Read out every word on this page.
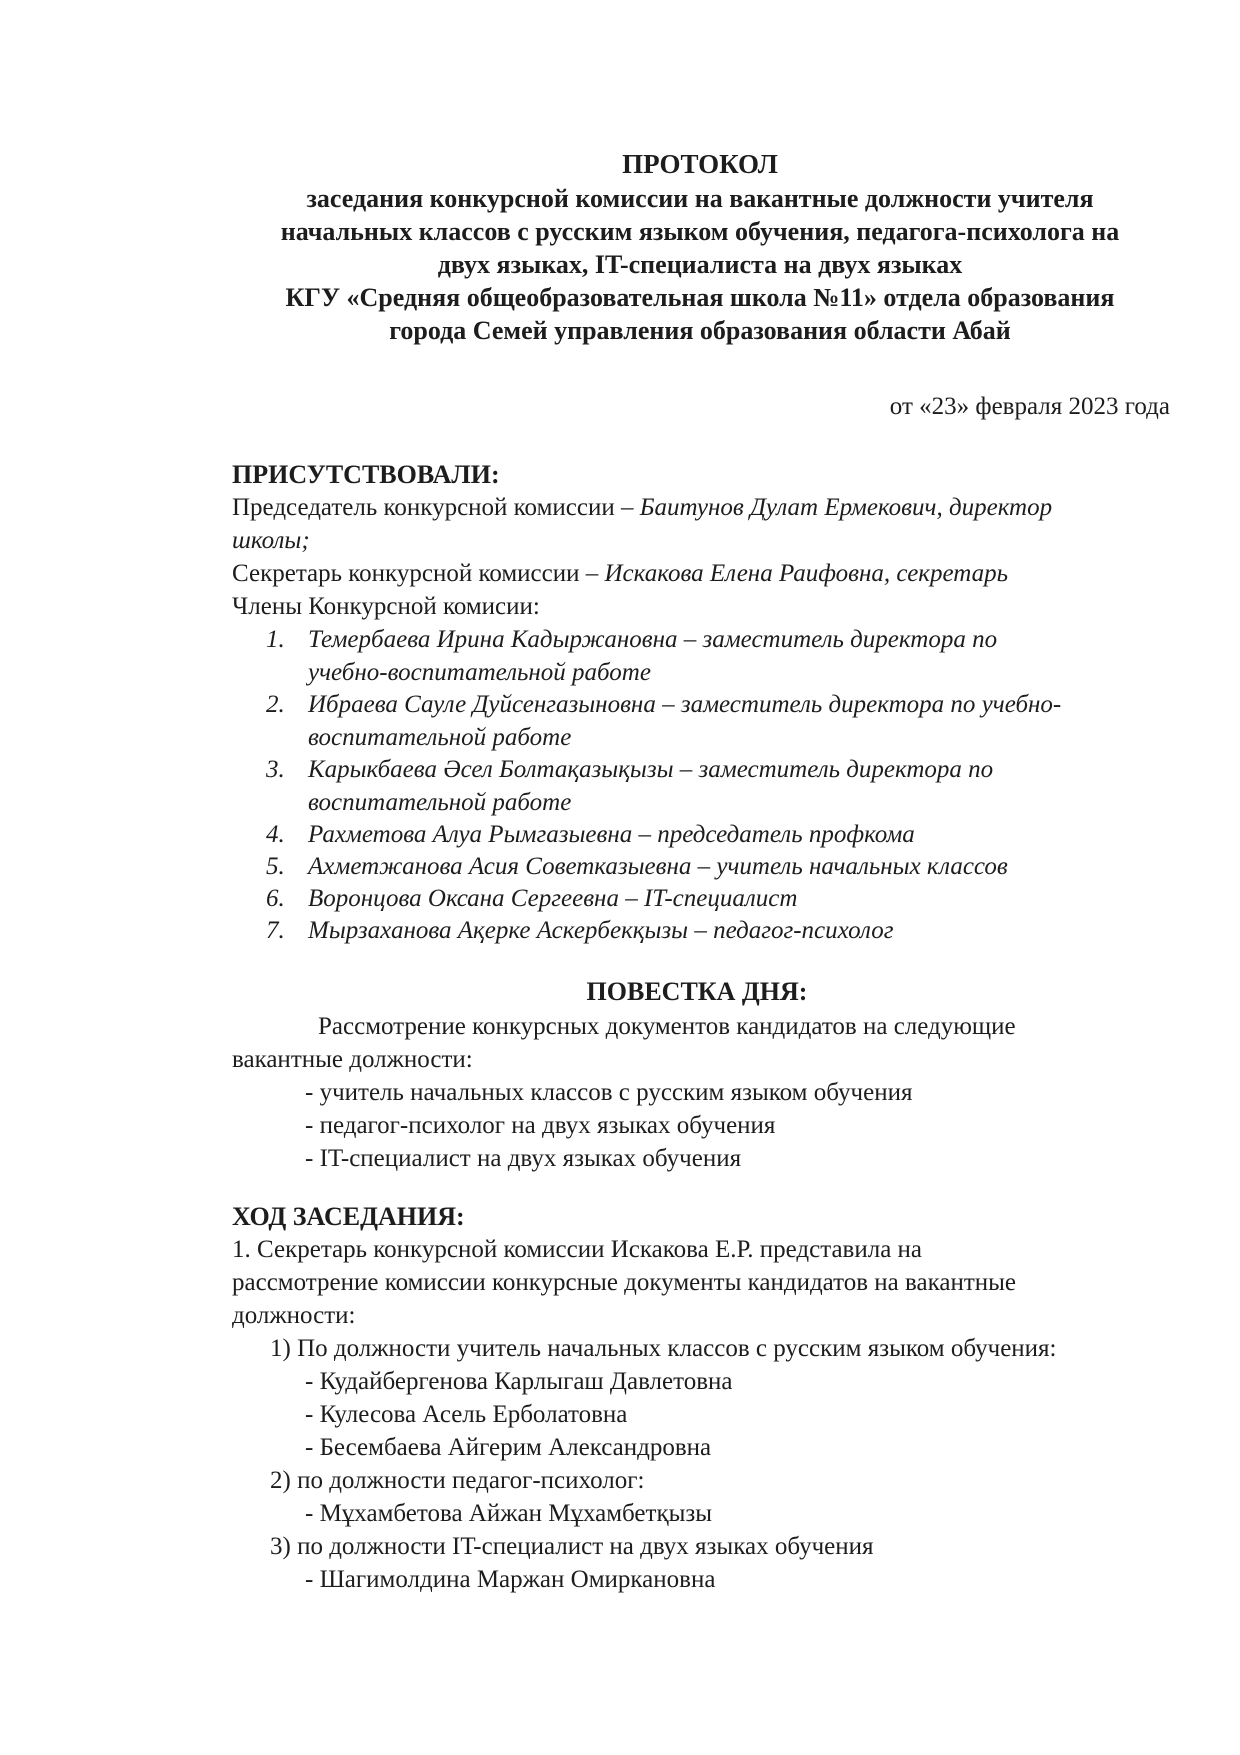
ПРОТОКОЛ
заседания конкурсной комиссии на вакантные должности учителя
начальных классов с русским языком обучения, педагога-психолога на
двух языках, IT-специалиста на двух языках
КГУ «Средняя общеобразовательная школа №11» отдела образования
города Семей управления образования области Абай
от «23» февраля 2023 года
ПРИСУТСТВОВАЛИ:
Председатель конкурсной комиссии – Баитунов Дулат Ермекович, директор
школы;
Секретарь конкурсной комиссии – Искакова Елена Раифовна, секретарь
Члены Конкурсной комисии:
1. Темербаева Ирина Кадыржановна – заместитель директора по
учебно-воспитательной работе
2. Ибраева Сауле Дуйсенгазыновна – заместитель директора по учебно-
воспитательной работе
3. Карыкбаева Әсел Болтақазықызы – заместитель директора по
воспитательной работе
4. Рахметова Алуа Рымгазыевна – председатель профкома
5. Ахметжанова Асия Советказыевна – учитель начальных классов
6. Воронцова Оксана Сергеевна – IT-специалист
7. Мырзаханова Ақерке Аскербекқызы – педагог-психолог
ПОВЕСТКА ДНЯ:
Рассмотрение конкурсных документов кандидатов на следующие
вакантные должности:
- учитель начальных классов с русским языком обучения
- педагог-психолог на двух языках обучения
- IT-специалист на двух языках обучения
ХОД ЗАСЕДАНИЯ:
1. Секретарь конкурсной комиссии Искакова Е.Р. представила на
рассмотрение комиссии конкурсные документы кандидатов на вакантные
должности:
1) По должности учитель начальных классов с русским языком обучения:
- Кудайбергенова Карлыгаш Давлетовна
- Кулесова Асель Ерболатовна
- Бесембаева Айгерим Александровна
2) по должности педагог-психолог:
- Мұхамбетова Айжан Мұхамбетқызы
3) по должности IT-специалист на двух языках обучения
- Шагимолдина Маржан Омиркановна
